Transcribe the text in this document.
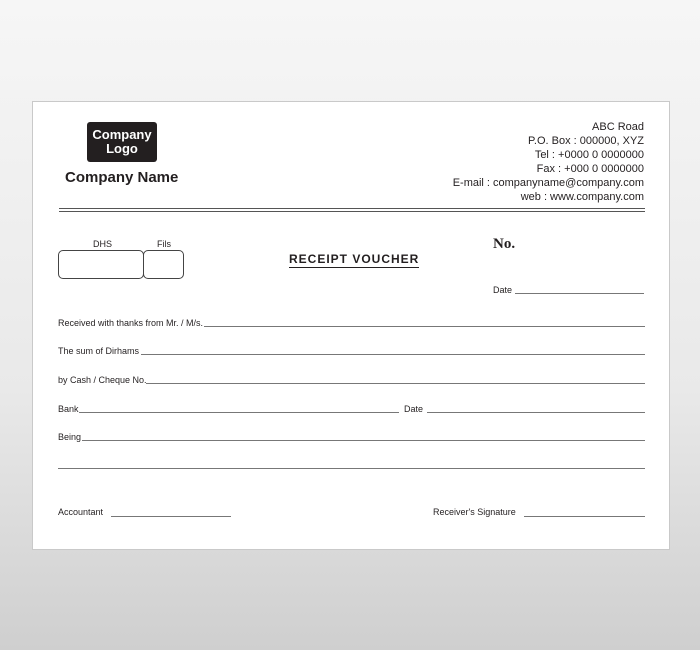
Company
Logo
Company Name
ABC Road
P.O. Box : 000000, XYZ
Tel : +0000 0 0000000
Fax : +000 0 0000000
E-mail : companyname@company.com
web : www.company.com
DHS	Fils
RECEIPT VOUCHER
No.
Date
Received with thanks from Mr. / M/s.
The sum of Dirhams
by Cash / Cheque No.
Bank	Date
Being
Accountant	Receiver's Signature
